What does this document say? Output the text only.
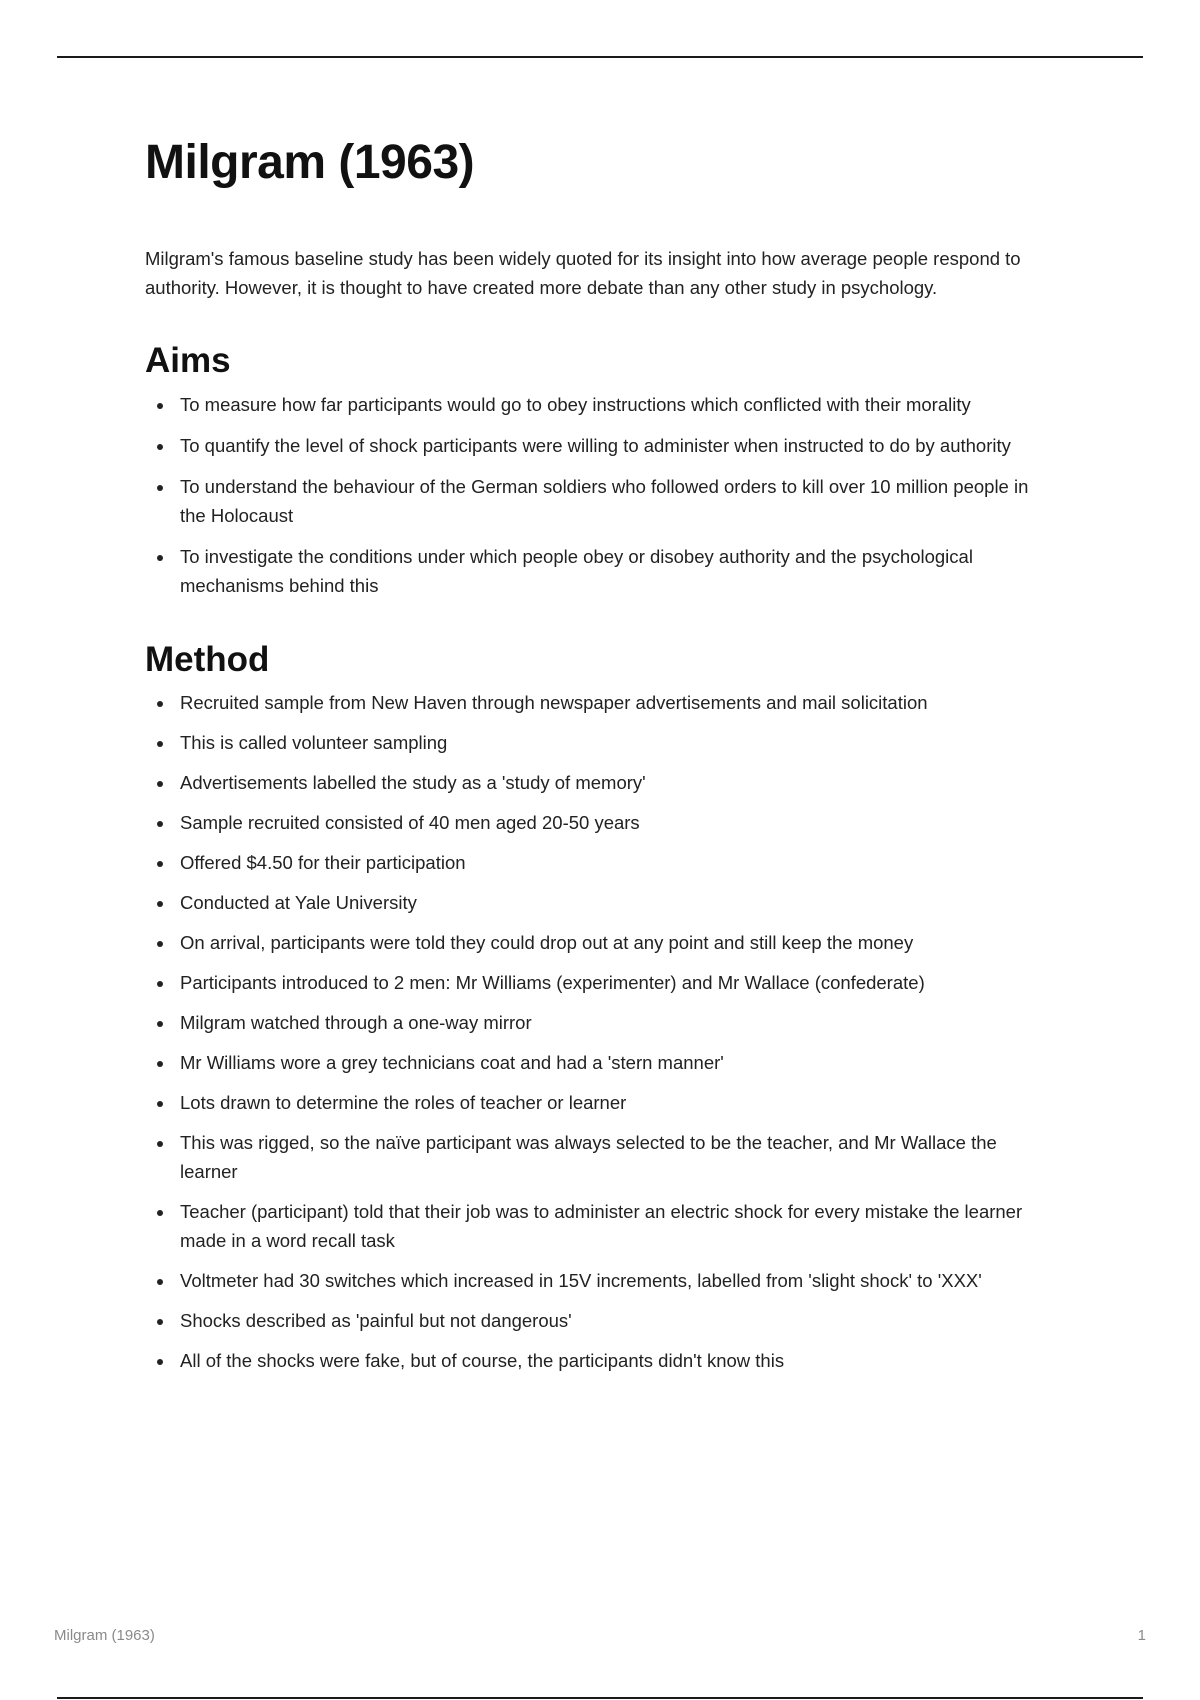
Milgram (1963)

Milgram's famous baseline study has been widely quoted for its insight into how average people respond to authority. However, it is thought to have created more debate than any other study in psychology.

Aims
To measure how far participants would go to obey instructions which conflicted with their morality
To quantify the level of shock participants were willing to administer when instructed to do by authority
To understand the behaviour of the German soldiers who followed orders to kill over 10 million people in the Holocaust
To investigate the conditions under which people obey or disobey authority and the psychological mechanisms behind this
Method
Recruited sample from New Haven through newspaper advertisements and mail solicitation
This is called volunteer sampling
Advertisements labelled the study as a 'study of memory'
Sample recruited consisted of 40 men aged 20-50 years
Offered $4.50 for their participation
Conducted at Yale University
On arrival, participants were told they could drop out at any point and still keep the money
Participants introduced to 2 men: Mr Williams (experimenter) and Mr Wallace (confederate)
Milgram watched through a one-way mirror
Mr Williams wore a grey technicians coat and had a 'stern manner'
Lots drawn to determine the roles of teacher or learner
This was rigged, so the naïve participant was always selected to be the teacher, and Mr Wallace the learner
Teacher (participant) told that their job was to administer an electric shock for every mistake the learner made in a word recall task
Voltmeter had 30 switches which increased in 15V increments, labelled from 'slight shock' to 'XXX'
Shocks described as 'painful but not dangerous'
All of the shocks were fake, but of course, the participants didn't know this
Milgram (1963)	1
